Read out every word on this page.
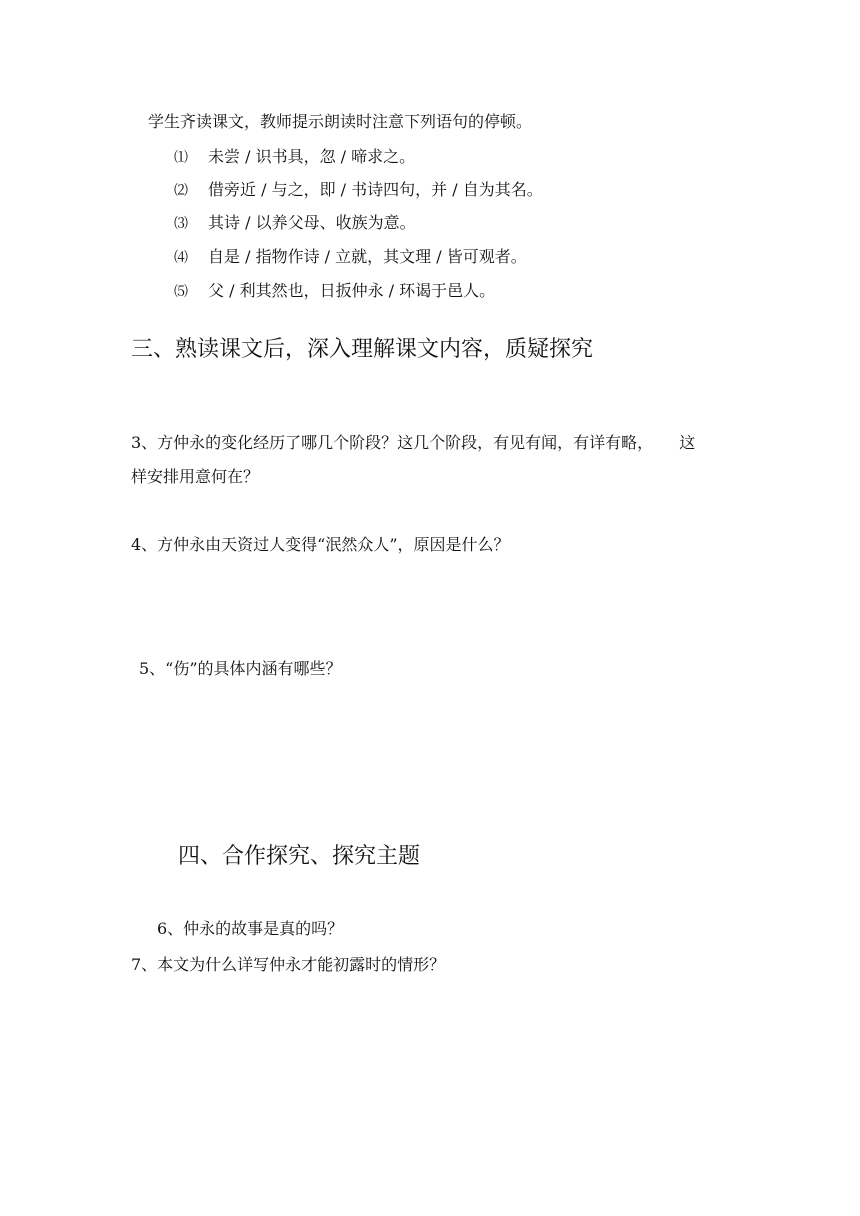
学生齐读课文，教师提示朗读时注意下列语句的停顿。
⑴ 未尝 / 识书具，忽 / 啼求之。
⑵ 借旁近 / 与之，即 / 书诗四句，并 / 自为其名。
⑶ 其诗 / 以养父母、收族为意。
⑷ 自是 / 指物作诗 / 立就，其文理 / 皆可观者。
⑸ 父 / 利其然也，日扳仲永 / 环谒于邑人。
三、熟读课文后，深入理解课文内容，质疑探究
3、方仲永的变化经历了哪几个阶段？这几个阶段，有见有闻，有详有略， 这
样安排用意何在？
4、方仲永由天资过人变得“泯然众人”，原因是什么？
5、“伤”的具体内涵有哪些？
四、合作探究、探究主题
6、仲永的故事是真的吗？
7、本文为什么详写仲永才能初露时的情形？
